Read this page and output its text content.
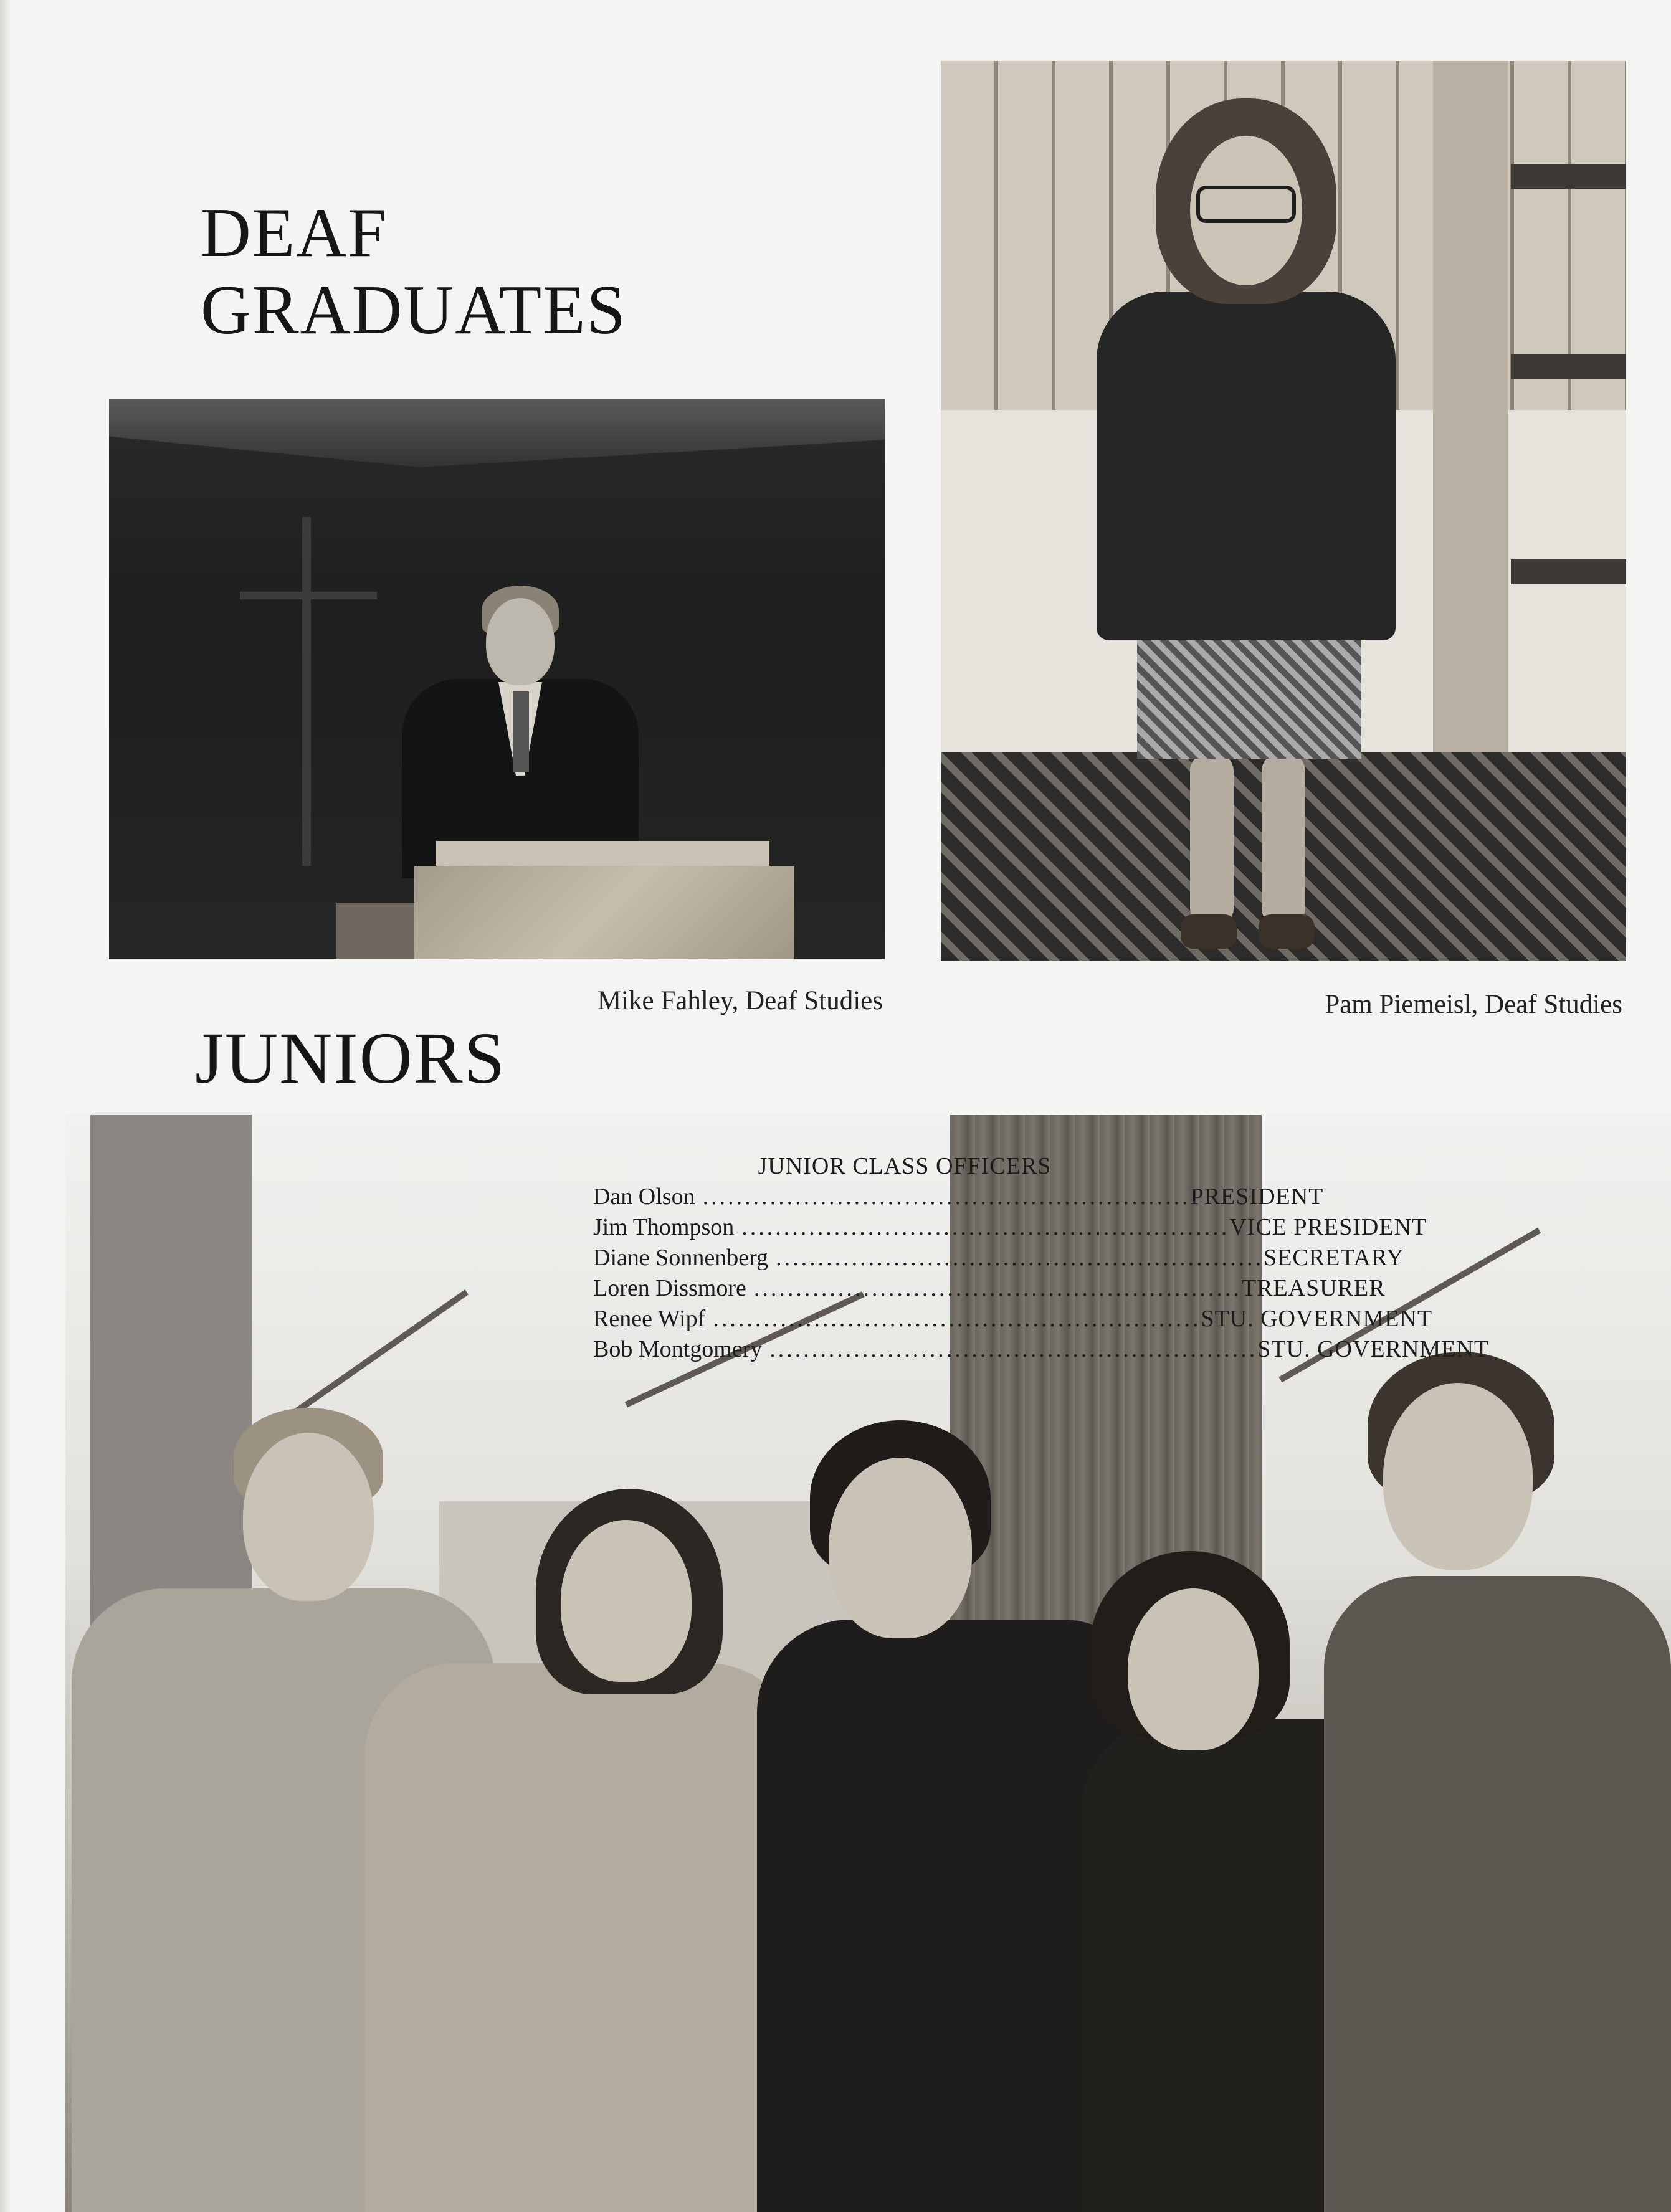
DEAF
GRADUATES
Mike Fahley, Deaf Studies	Pam Piemeisl, Deaf Studies
JUNIORS
JUNIOR CLASS OFFICERS
Dan Olson .......................................................... PRESIDENT
Jim Thompson .......................................................... VICE PRESIDENT
Diane Sonnenberg .......................................................... SECRETARY
Loren Dissmore .......................................................... TREASURER
Renee Wipf .......................................................... STU. GOVERNMENT
Bob Montgomery .......................................................... STU. GOVERNMENT
